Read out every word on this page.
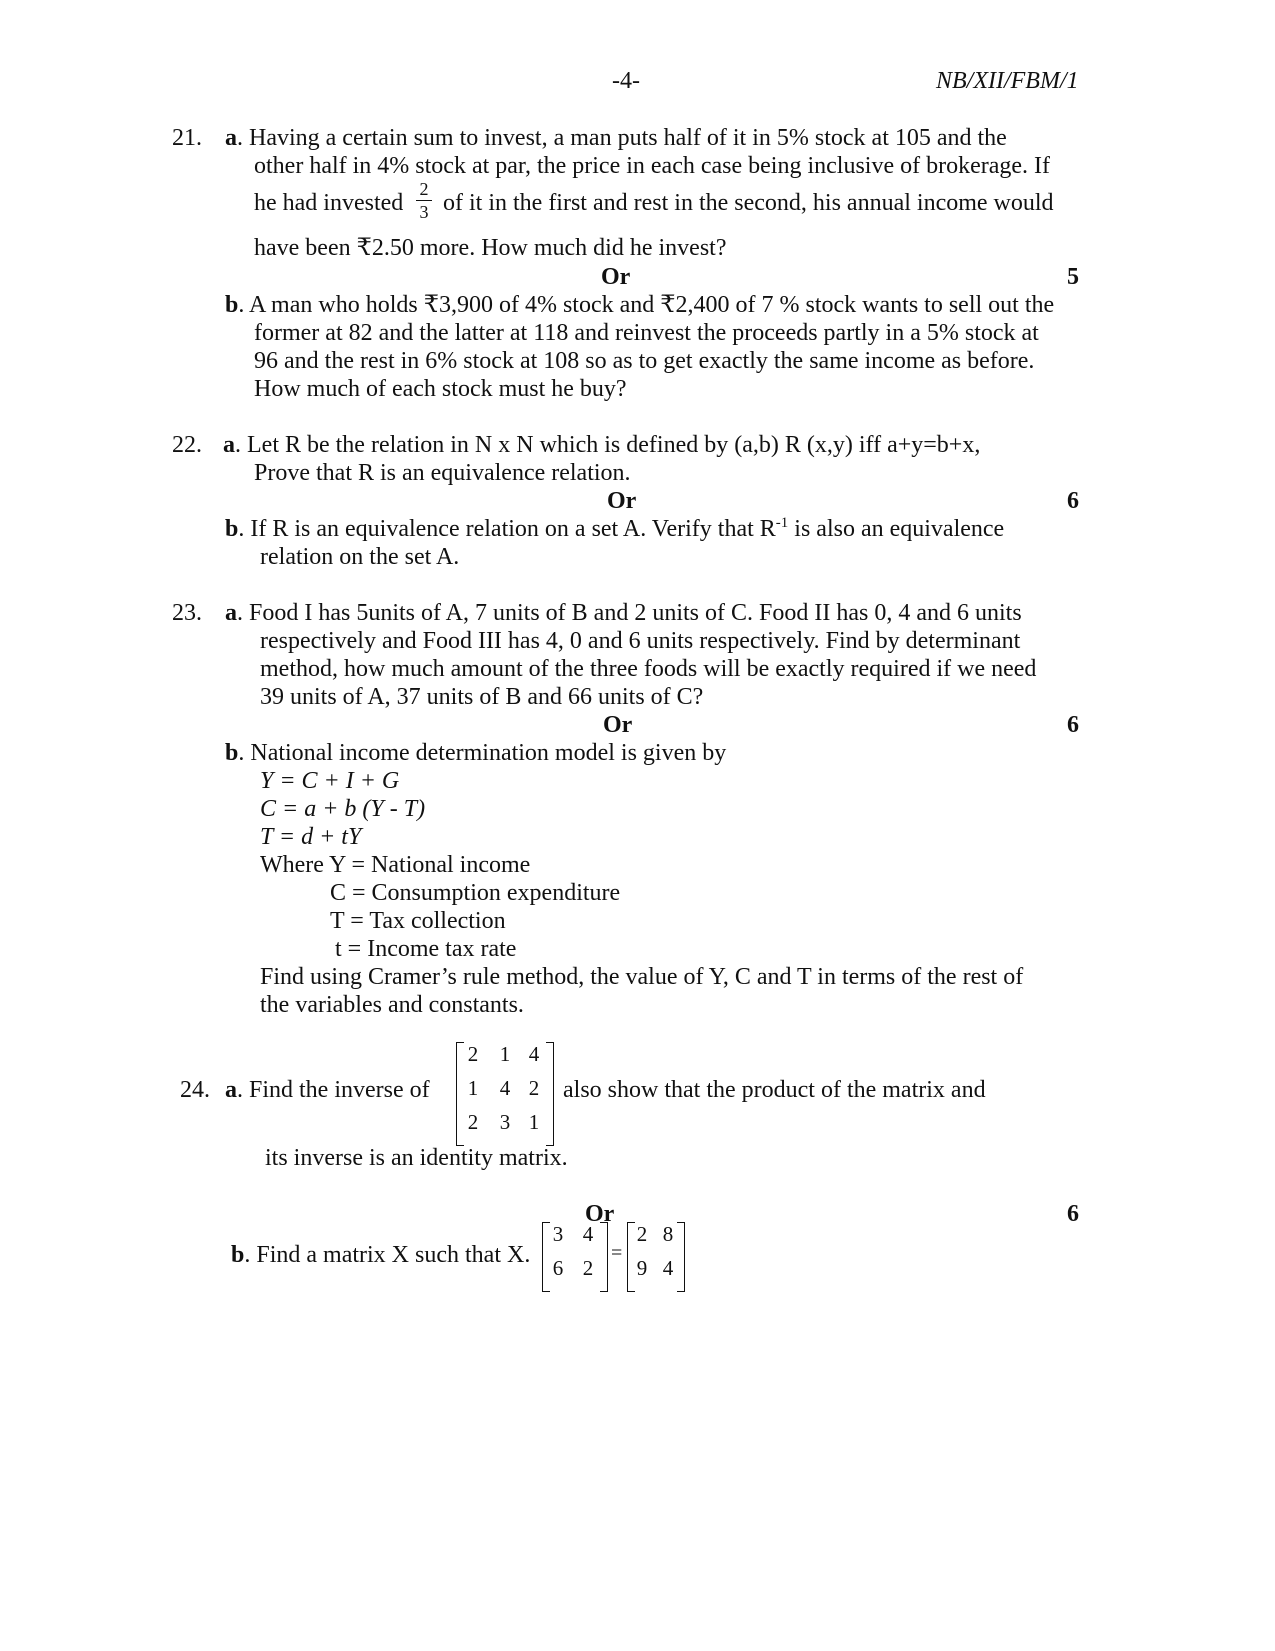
-4-	NB/XII/FBM/1
21. a. Having a certain sum to invest, a man puts half of it in 5% stock at 105 and the
other half in 4% stock at par, the price in each case being inclusive of brokerage. If
he had invested $\frac{2}{3}$ of it in the first and rest in the second, his annual income would
have been ₹2.50 more. How much did he invest?
Or	5
b. A man who holds ₹3,900 of 4% stock and ₹2,400 of 7 % stock wants to sell out the
former at 82 and the latter at 118 and reinvest the proceeds partly in a 5% stock at
96 and the rest in 6% stock at 108 so as to get exactly the same income as before.
How much of each stock must he buy?
22. a. Let R be the relation in N x N which is defined by (a,b) R (x,y) iff a+y=b+x,
Prove that R is an equivalence relation.
Or	6
b. If R is an equivalence relation on a set A. Verify that $R^{-1}$ is also an equivalence
relation on the set A.
23. a. Food I has 5units of A, 7 units of B and 2 units of C. Food II has 0, 4 and 6 units
respectively and Food III has 4, 0 and 6 units respectively. Find by determinant
method, how much amount of the three foods will be exactly required if we need
39 units of A, 37 units of B and 66 units of C?
Or	6
b. National income determination model is given by
Y = C + I + G
C = a + b (Y - T)
T = d + tY
Where Y = National income
C = Consumption expenditure
T = Tax collection
t = Income tax rate
Find using Cramer’s rule method, the value of Y, C and T in terms of the rest of
the variables and constants.
24. a. Find the inverse of
2 1 4
1 4 2
2 3 1
also show that the product of the matrix and
its inverse is an identity matrix.
Or	6
b. Find a matrix X such that X.
3 4
6 2
=
2 8
9 4
